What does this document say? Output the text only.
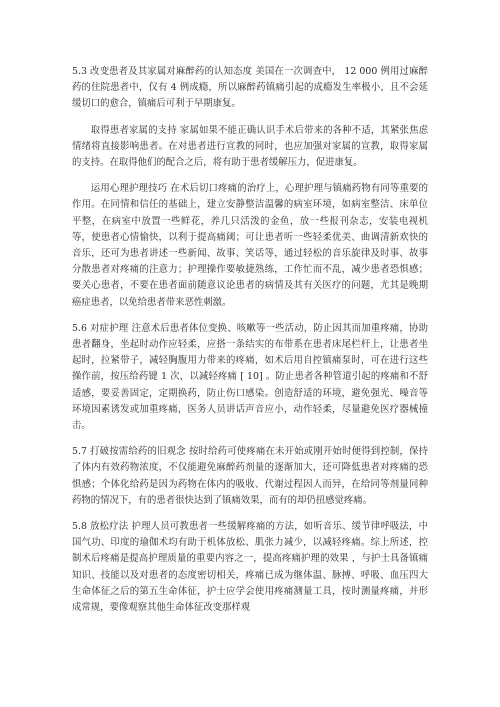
5.3 改变患者及其家属对麻醉药的认知态度 美国在一次调查中， 12 000 例用过麻醉药的住院患者中，仅有 4 例成瘾，所以麻醉药镇痛引起的成瘾发生率极小，且不会延缓切口的愈合，镇痛后可利于早期康复。

取得患者家属的支持 家属如果不能正确认识手术后带来的各种不适，其紧张焦虑情绪将直接影响患者。在对患者进行宣教的同时，也应加强对家属的宣教，取得家属的支持。在取得他们的配合之后，将有助于患者缓解压力，促进康复。

运用心理护理技巧 在术后切口疼痛的治疗上，心理护理与镇痛药物有同等重要的作用。在同情和信任的基础上，建立安静整洁温馨的病室环境，如病室整洁、床单位平整，在病室中放置一些鲜花，养几只活泼的金鱼，放一些报刊杂志，安装电视机等，使患者心情愉快，以利于提高痛阈；可让患者听一些轻柔优美、曲调清新欢快的音乐，还可为患者讲述一些新闻、故事、笑话等，通过轻松的音乐旋律及时事、故事分散患者对疼痛的注意力；护理操作要敏捷熟练，工作忙而不乱，减少患者恐惧感；要关心患者，不要在患者面前随意议论患者的病情及其有关医疗的问题，尤其是晚期癌症患者，以免给患者带来恶性刺激。

5.6 对症护理 注意术后患者体位变换、咳嗽等一些活动，防止因其而加重疼痛，协助患者翻身，坐起时动作应轻柔，应搭一条结实的布带系在患者床尾栏杆上，让患者坐起时，拉紧带子，减轻胸腹用力带来的疼痛，如术后用自控镇痛泵时，可在进行这些操作前，按压给药键 1 次，以减轻疼痛 [ 10] 。防止患者各种管道引起的疼痛和不舒适感，要妥善固定，定期换药，防止伤口感染。创造舒适的环境，避免强光、噪音等环境因素诱发或加重疼痛，医务人员讲话声音应小，动作轻柔，尽量避免医疗器械撞击。

5.7 打破按需给药的旧观念 按时给药可使疼痛在未开始或刚开始时便得到控制，保持了体内有效药物浓度，不仅能避免麻醉药剂量的逐渐加大，还可降低患者对疼痛的恐惧感；个体化给药是因为药物在体内的吸收、代谢过程因人而异，在给同等剂量同种药物的情况下，有的患者很快达到了镇痛效果，而有的却仍扭感觉疼痛。

5.8 放松疗法 护理人员可教患者一些缓解疼痛的方法，如听音乐、缓节律呼吸法，中国气功、印度的瑜伽术均有助于机体放松、肌张力减少，以减轻疼痛。综上所述，控制术后疼痛是提高护理质量的重要内容之一，提高疼痛护理的效果 ，与护士具备镇痛知识、技能以及对患者的态度密切相关，疼痛已成为继体温、脉搏、呼吸、血压四大生命体征之后的第五生命体征，护士应学会使用疼痛测量工具，按时测量疼痛，并形成常规，要像观察其他生命体征改变那样观
